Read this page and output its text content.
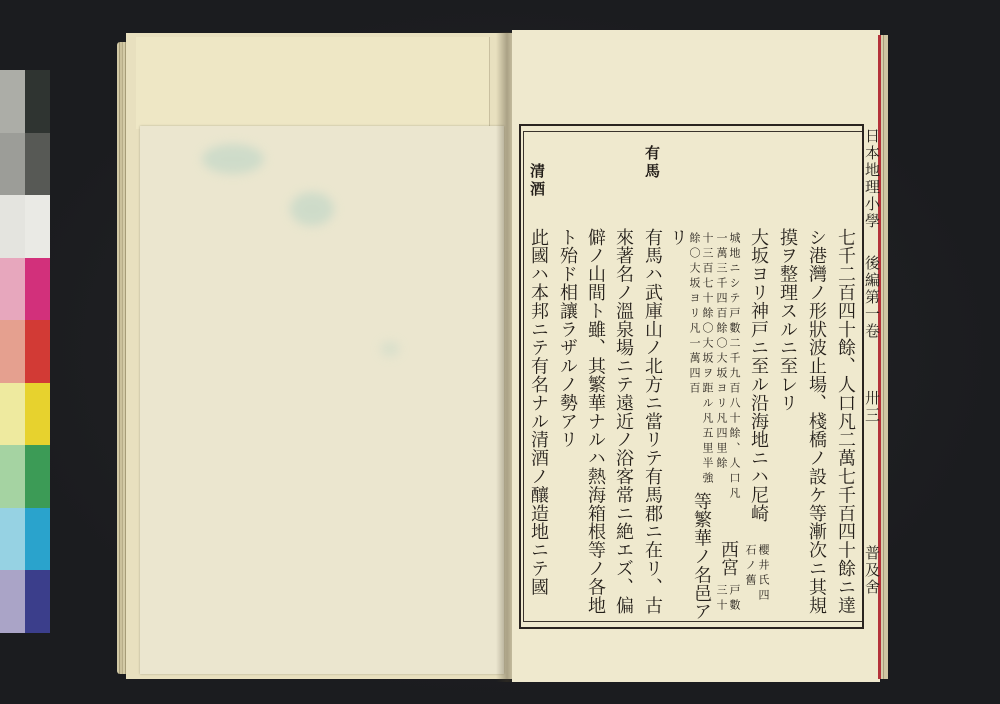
日本地理小學
後編第一卷
卅三
普及舍
有馬
清酒
七千二百四十餘、人口凡二萬七千百四十餘ニ達
シ港灣ノ形狀波止場、棧橋ノ設ケ等漸次ニ其規
摸ヲ整理スルニ至レリ
大坂ヨリ神戸ニ至ル沿海地ニハ尼崎
櫻井氏四
石ノ舊
城地ニシテ戸數二千九百八十餘、人口凡
一萬三千四百餘〇大坂ヨリ凡四里餘
西宮
戸數
三十
十三百七十餘〇大坂ヲ距ル凡五里半強
餘〇大坂ヨリ凡一萬四百
等繁華ノ名邑ア
リ
有馬ハ武庫山ノ北方ニ當リテ有馬郡ニ在リ、古
來著名ノ溫泉場ニテ遠近ノ浴客常ニ絶エズ、偏
僻ノ山間ト雖、其繁華ナルハ熱海箱根等ノ各地
ト殆ド相讓ラザルノ勢アリ
此國ハ本邦ニテ有名ナル清酒ノ釀造地ニテ國
